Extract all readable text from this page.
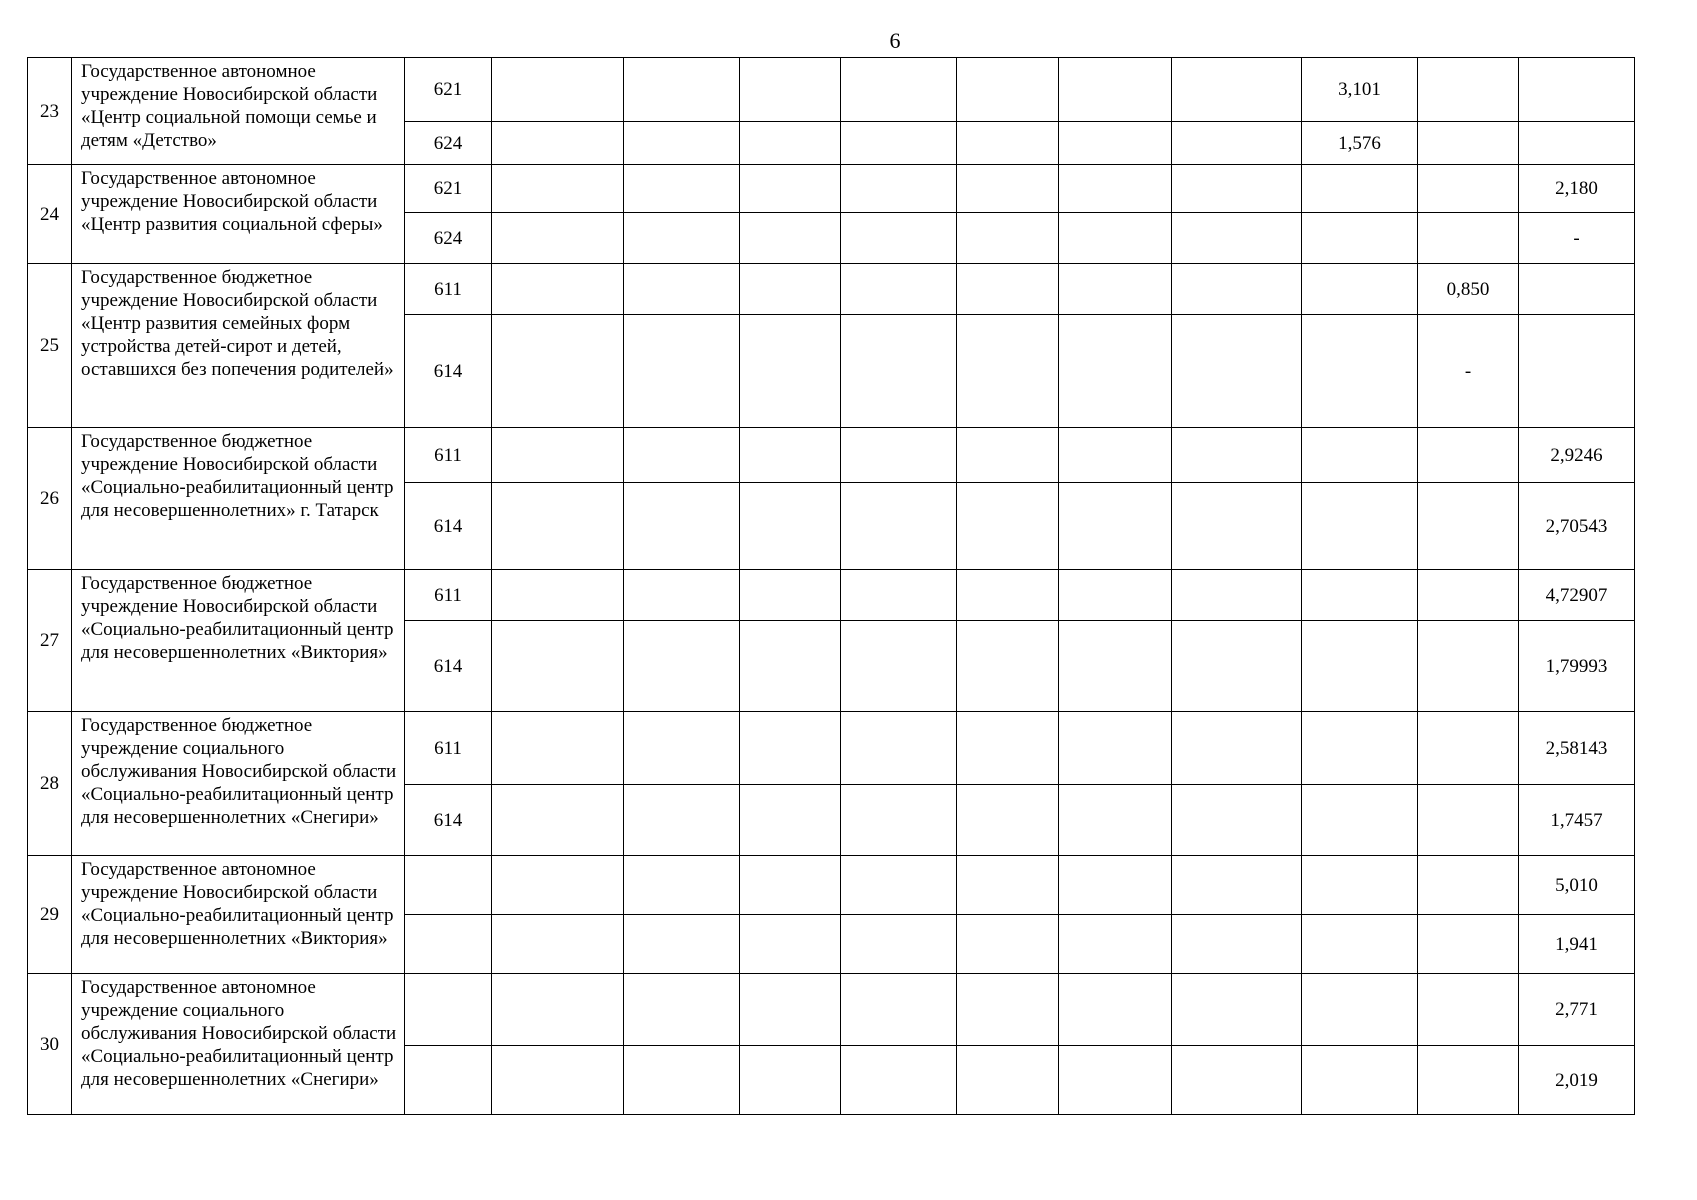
6
23	Государственное автономное учреждение Новосибирской области «Центр социальной помощи семье и детям «Детство»	621								3,101		
		624								1,576		
24	Государственное автономное учреждение Новосибирской области «Центр развития социальной сферы»	621										2,180
		624										-
25	Государственное бюджетное учреждение Новосибирской области «Центр развития семейных форм устройства детей-сирот и детей, оставшихся без попечения родителей»	611									0,850	
		614									-	
26	Государственное бюджетное учреждение Новосибирской области «Социально-реабилитационный центр для несовершеннолетних» г. Татарск	611										2,9246
		614										2,70543
27	Государственное бюджетное учреждение Новосибирской области «Социально-реабилитационный центр для несовершеннолетних «Виктория»	611										4,72907
		614										1,79993
28	Государственное бюджетное учреждение социального обслуживания Новосибирской области «Социально-реабилитационный центр для несовершеннолетних «Снегири»	611										2,58143
		614										1,7457
29	Государственное автономное учреждение Новосибирской области «Социально-реабилитационный центр для несовершеннолетних «Виктория»											5,010
												1,941
30	Государственное автономное учреждение социального обслуживания Новосибирской области «Социально-реабилитационный центр для несовершеннолетних «Снегири»											2,771
												2,019
